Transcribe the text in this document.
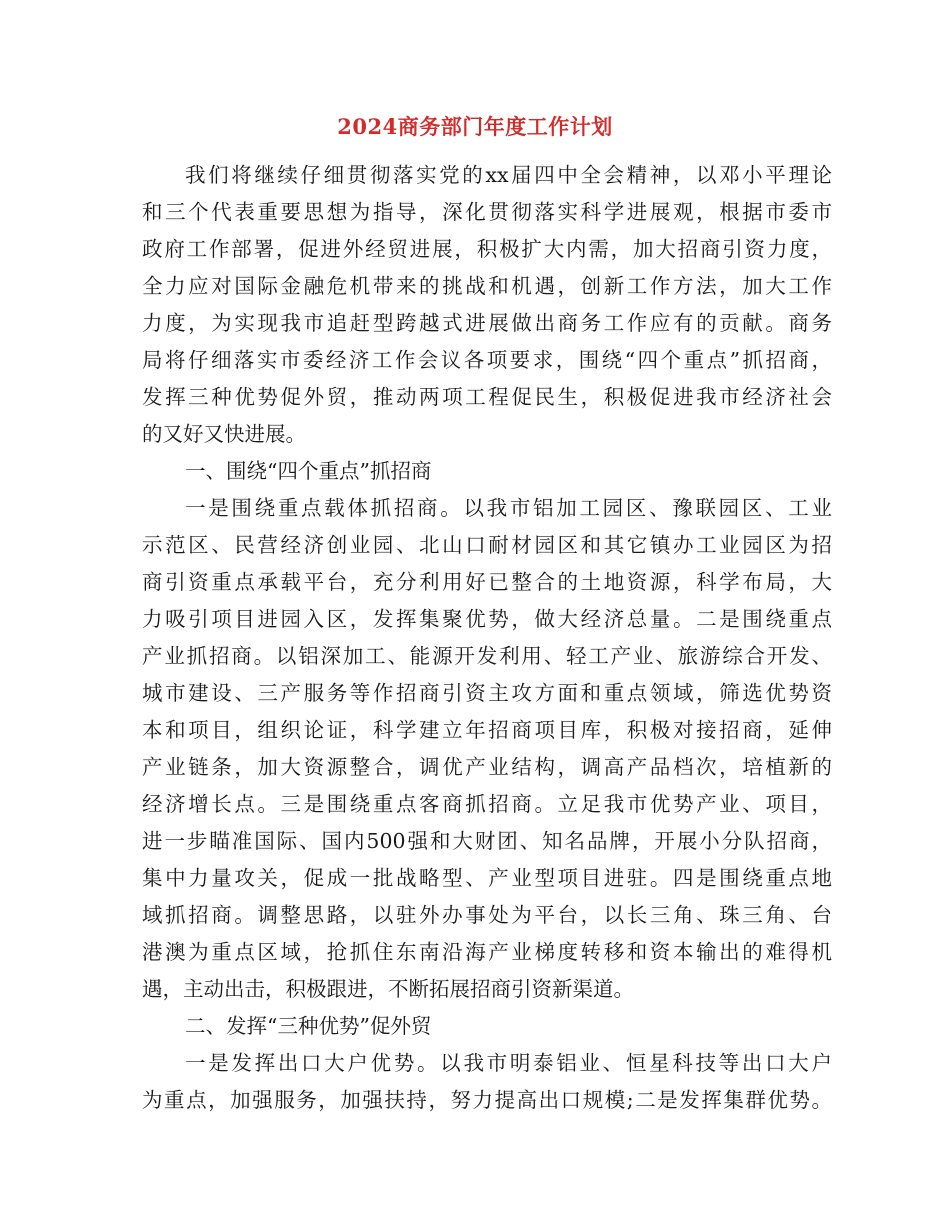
2024商务部门年度工作计划
我们将继续仔细贯彻落实党的xx届四中全会精神，以邓小平理论
和三个代表重要思想为指导，深化贯彻落实科学进展观，根据市委市
政府工作部署，促进外经贸进展，积极扩大内需，加大招商引资力度，
全力应对国际金融危机带来的挑战和机遇，创新工作方法，加大工作
力度，为实现我市追赶型跨越式进展做出商务工作应有的贡献。商务
局将仔细落实市委经济工作会议各项要求，围绕“四个重点”抓招商，
发挥三种优势促外贸，推动两项工程促民生，积极促进我市经济社会
的又好又快进展。
一、围绕“四个重点”抓招商
一是围绕重点载体抓招商。以我市铝加工园区、豫联园区、工业
示范区、民营经济创业园、北山口耐材园区和其它镇办工业园区为招
商引资重点承载平台，充分利用好已整合的土地资源，科学布局，大
力吸引项目进园入区，发挥集聚优势，做大经济总量。二是围绕重点
产业抓招商。以铝深加工、能源开发利用、轻工产业、旅游综合开发、
城市建设、三产服务等作招商引资主攻方面和重点领域，筛选优势资
本和项目，组织论证，科学建立年招商项目库，积极对接招商，延伸
产业链条，加大资源整合，调优产业结构，调高产品档次，培植新的
经济增长点。三是围绕重点客商抓招商。立足我市优势产业、项目，
进一步瞄准国际、国内500强和大财团、知名品牌，开展小分队招商，
集中力量攻关，促成一批战略型、产业型项目进驻。四是围绕重点地
域抓招商。调整思路，以驻外办事处为平台，以长三角、珠三角、台
港澳为重点区域，抢抓住东南沿海产业梯度转移和资本输出的难得机
遇，主动出击，积极跟进，不断拓展招商引资新渠道。
二、发挥“三种优势”促外贸
一是发挥出口大户优势。以我市明泰铝业、恒星科技等出口大户
为重点，加强服务，加强扶持，努力提高出口规模;二是发挥集群优势。
